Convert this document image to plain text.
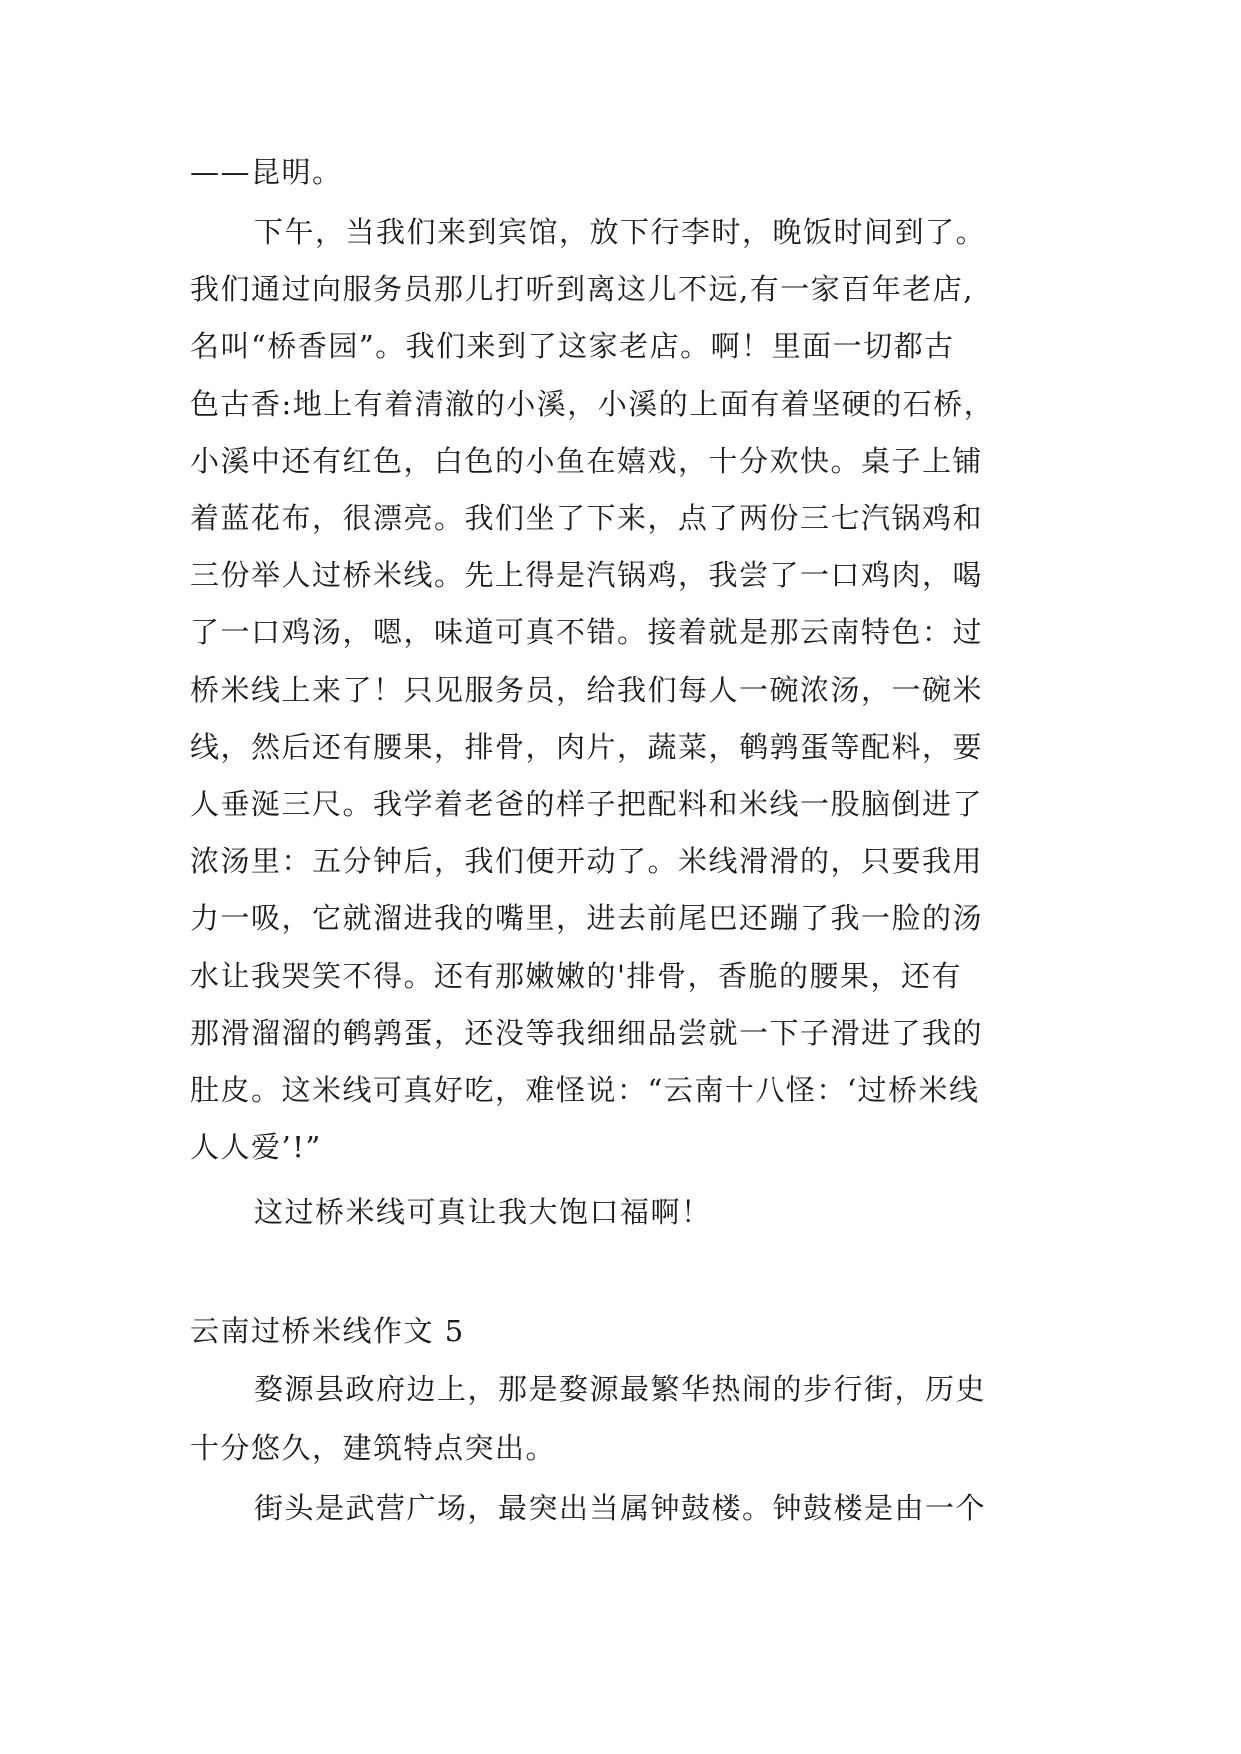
——昆明。
下午，当我们来到宾馆，放下行李时，晚饭时间到了。
我们通过向服务员那儿打听到离这儿不远,有一家百年老店,
名叫“桥香园”。我们来到了这家老店。啊！里面一切都古
色古香:地上有着清澈的小溪，小溪的上面有着坚硬的石桥，
小溪中还有红色，白色的小鱼在嬉戏，十分欢快。桌子上铺
着蓝花布，很漂亮。我们坐了下来，点了两份三七汽锅鸡和
三份举人过桥米线。先上得是汽锅鸡，我尝了一口鸡肉，喝
了一口鸡汤，嗯，味道可真不错。接着就是那云南特色：过
桥米线上来了！只见服务员，给我们每人一碗浓汤，一碗米
线，然后还有腰果，排骨，肉片，蔬菜，鹌鹑蛋等配料，要
人垂涎三尺。我学着老爸的样子把配料和米线一股脑倒进了
浓汤里：五分钟后，我们便开动了。米线滑滑的，只要我用
力一吸，它就溜进我的嘴里，进去前尾巴还蹦了我一脸的汤
水让我哭笑不得。还有那嫩嫩的'排骨，香脆的腰果，还有
那滑溜溜的鹌鹑蛋，还没等我细细品尝就一下子滑进了我的
肚皮。这米线可真好吃，难怪说：“云南十八怪：‘过桥米线
人人爱’!”
这过桥米线可真让我大饱口福啊！
云南过桥米线作文 5
婺源县政府边上，那是婺源最繁华热闹的步行街，历史
十分悠久，建筑特点突出。
街头是武营广场，最突出当属钟鼓楼。钟鼓楼是由一个
